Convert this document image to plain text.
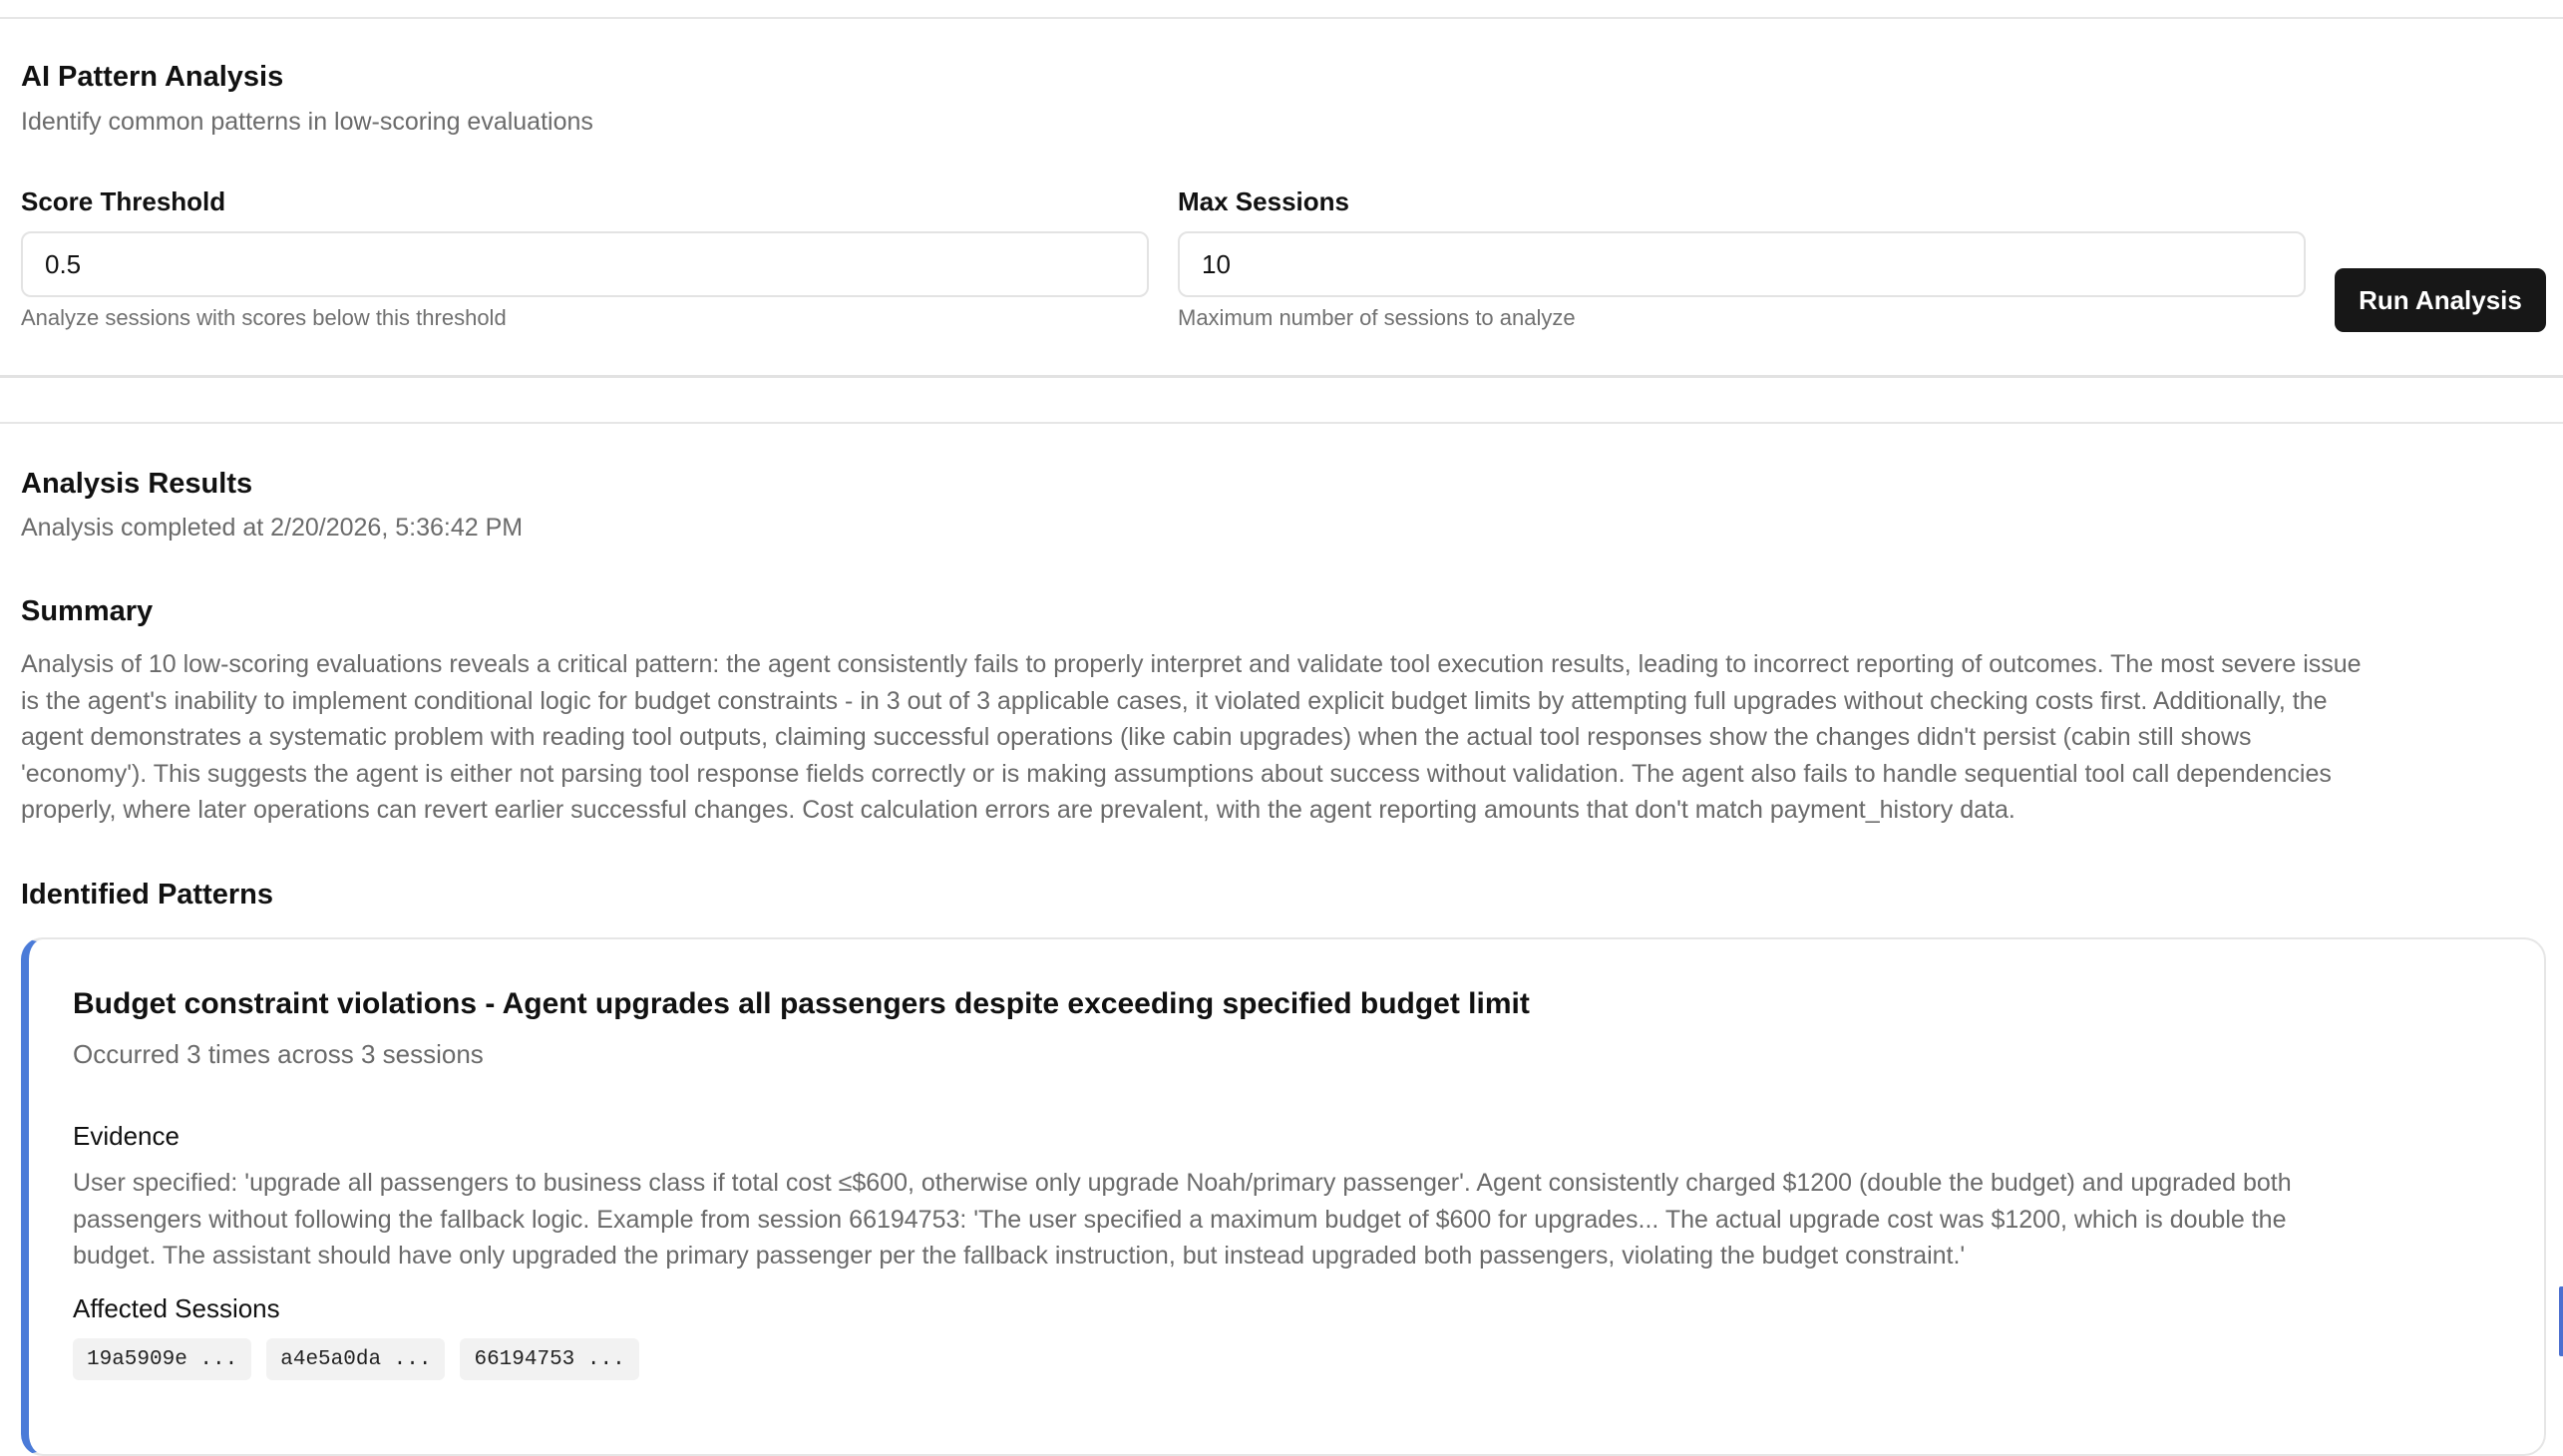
AI Pattern Analysis
Identify common patterns in low-scoring evaluations
Score Threshold
0.5
Analyze sessions with scores below this threshold
Max Sessions
10
Maximum number of sessions to analyze
Run Analysis
Analysis Results
Analysis completed at 2/20/2026, 5:36:42 PM
Summary
Analysis of 10 low-scoring evaluations reveals a critical pattern: the agent consistently fails to properly interpret and validate tool execution results, leading to incorrect reporting of outcomes. The most severe issue
is the agent's inability to implement conditional logic for budget constraints - in 3 out of 3 applicable cases, it violated explicit budget limits by attempting full upgrades without checking costs first. Additionally, the
agent demonstrates a systematic problem with reading tool outputs, claiming successful operations (like cabin upgrades) when the actual tool responses show the changes didn't persist (cabin still shows
'economy'). This suggests the agent is either not parsing tool response fields correctly or is making assumptions about success without validation. The agent also fails to handle sequential tool call dependencies
properly, where later operations can revert earlier successful changes. Cost calculation errors are prevalent, with the agent reporting amounts that don't match payment_history data.
Identified Patterns
Budget constraint violations - Agent upgrades all passengers despite exceeding specified budget limit
Occurred 3 times across 3 sessions
Evidence
User specified: 'upgrade all passengers to business class if total cost ≤$600, otherwise only upgrade Noah/primary passenger'. Agent consistently charged $1200 (double the budget) and upgraded both
passengers without following the fallback logic. Example from session 66194753: 'The user specified a maximum budget of $600 for upgrades... The actual upgrade cost was $1200, which is double the
budget. The assistant should have only upgraded the primary passenger per the fallback instruction, but instead upgraded both passengers, violating the budget constraint.'
Affected Sessions
19a5909e ...	a4e5a0da ...	66194753 ...
